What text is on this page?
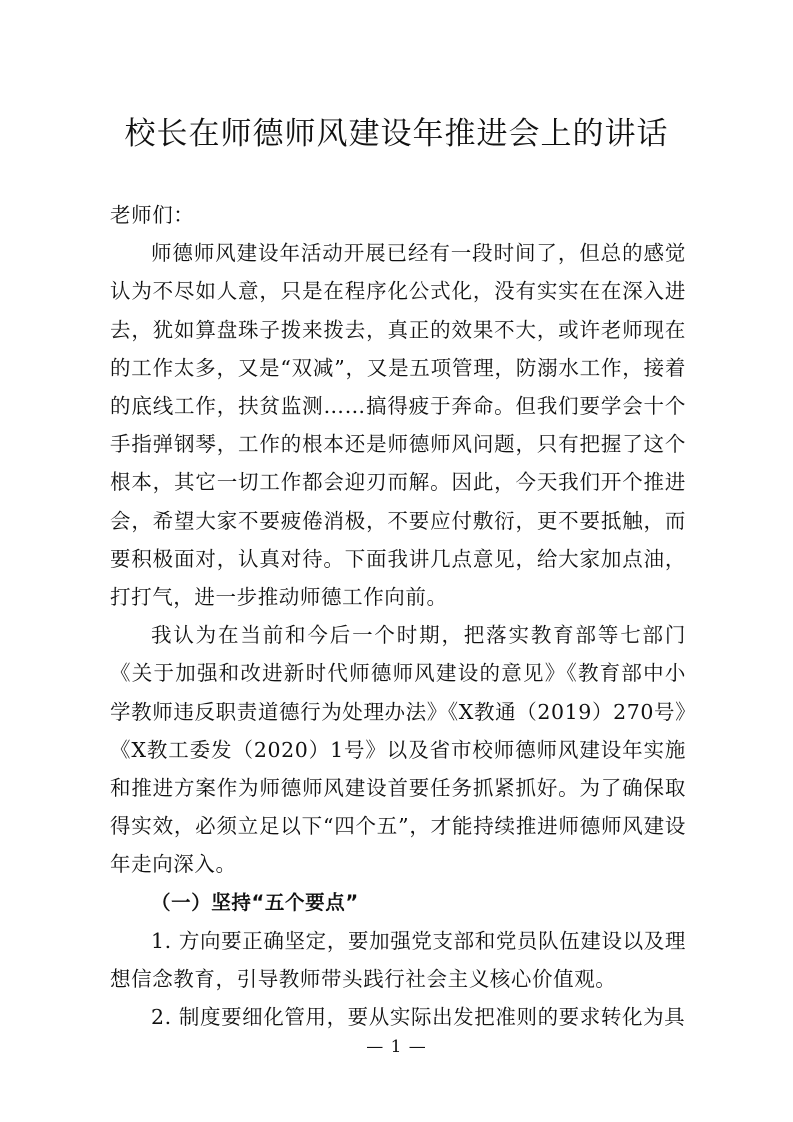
校长在师德师风建设年推进会上的讲话

老师们：

师德师风建设年活动开展已经有一段时间了，但总的感觉认为不尽如人意，只是在程序化公式化，没有实实在在深入进去，犹如算盘珠子拨来拨去，真正的效果不大，或许老师现在的工作太多，又是“双减”，又是五项管理，防溺水工作，接着的底线工作，扶贫监测……搞得疲于奔命。但我们要学会十个手指弹钢琴，工作的根本还是师德师风问题，只有把握了这个根本，其它一切工作都会迎刃而解。因此，今天我们开个推进会，希望大家不要疲倦消极，不要应付敷衍，更不要抵触，而要积极面对，认真对待。下面我讲几点意见，给大家加点油，打打气，进一步推动师德工作向前。

我认为在当前和今后一个时期，把落实教育部等七部门《关于加强和改进新时代师德师风建设的意见》《教育部中小学教师违反职责道德行为处理办法》《X教通（2019）270号》《X教工委发（2020）1号》以及省市校师德师风建设年实施和推进方案作为师德师风建设首要任务抓紧抓好。为了确保取得实效，必须立足以下“四个五”，才能持续推进师德师风建设年走向深入。

（一）坚持“五个要点”

1. 方向要正确坚定，要加强党支部和党员队伍建设以及理想信念教育，引导教师带头践行社会主义核心价值观。

2. 制度要细化管用，要从实际出发把准则的要求转化为具

— 1 —
